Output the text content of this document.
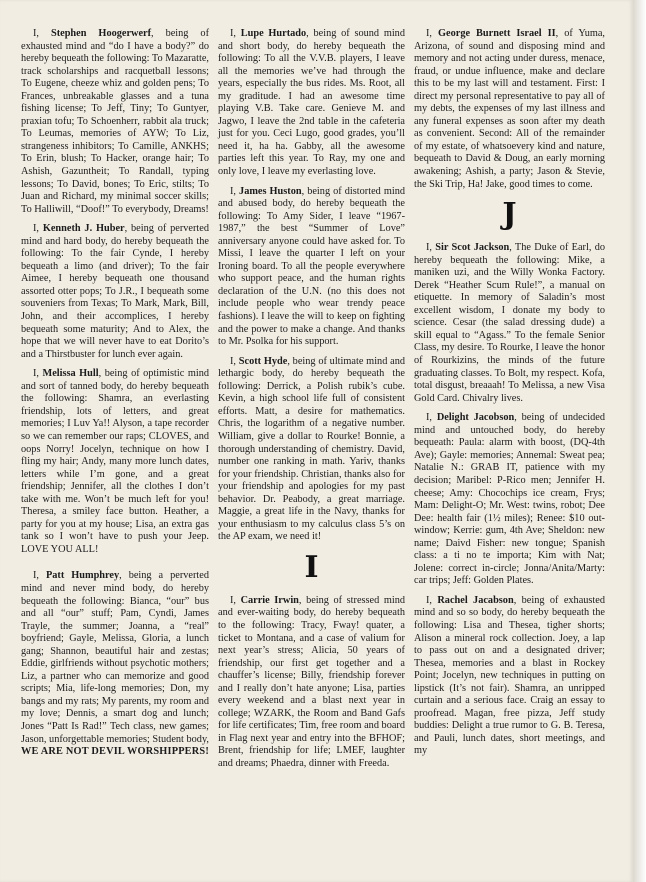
I, Stephen Hoogerwerf, being of exhausted mind and “do I have a body?” do hereby bequeath the following: To Mazaratte, track scholarships and racquetball lessons; To Eugene, cheeze whiz and golden pens; To Frances, unbreakable glasses and a tuna fishing license; To Jeff, Tiny; To Guntyer, praxian tofu; To Schoenherr, rabbit ala truck; To Leumas, memories of AYW; To Liz, strangeness inhibitors; To Camille, ANKHS; To Erin, blush; To Hacker, orange hair; To Ashish, Gazuntheit; To Randall, typing lessons; To David, bones; To Eric, stilts; To Juan and Richard, my minimal soccer skills; To Halliwill, “Doof!” To everybody, Dreams!

I, Kenneth J. Huber, being of perverted mind and hard body, do hereby bequeath the following: To the fair Cynde, I hereby bequeath a limo (and driver); To the fair Aimee, I hereby bequeath one thousand assorted otter pops; To J.R., I bequeath some souveniers from Texas; To Mark, Mark, Bill, John, and their accomplices, I hereby bequeath some maturity; And to Alex, the hope that we will never have to eat Dorito’s and a Thirstbuster for lunch ever again.

I, Melissa Hull, being of optimistic mind and sort of tanned body, do hereby bequeath the following: Shamra, an everlasting friendship, lots of letters, and great memories; I Luv Ya!! Alyson, a tape recorder so we can remember our raps; CLOVES, and oops Norry! Jocelyn, technique on how I fling my hair; Andy, many more lunch dates, letters while I’m gone, and a great friendship; Jennifer, all the clothes I don’t take with me. Won’t be much left for you! Theresa, a smiley face button. Heather, a party for you at my house; Lisa, an extra gas tank so I won’t have to push your Jeep. LOVE YOU ALL!

I, Patt Humphrey, being a perverted mind and never mind body, do hereby bequeath the following: Bianca, “our” bus and all “our” stuff; Pam, Cyndi, James Trayle, the summer; Joanna, a “real” boyfriend; Gayle, Melissa, Gloria, a lunch gang; Shannon, beautiful hair and zestas; Eddie, girlfriends without psychotic mothers; Liz, a partner who can memorize and good scripts; Mia, life-long memories; Don, my bangs and my rats; My parents, my room and my love; Dennis, a smart dog and lunch; Jones “Patt Is Rad!” Tech class, new games; Jason, unforgettable memories; Student body, WE ARE NOT DEVIL WORSHIPPERS!

I, Lupe Hurtado, being of sound mind and short body, do hereby bequeath the following: To all the V.V.B. players, I leave all the memories we’ve had through the years, especially the bus rides. Ms. Root, all my graditude. I had an awesome time playing V.B. Take care. Genieve M. and Jagwo, I leave the 2nd table in the cafeteria just for you. Ceci Lugo, good grades, you’ll need it, ha ha. Gabby, all the awesome parties left this year. To Ray, my one and only love, I leave my everlasting love.

I, James Huston, being of distorted mind and abused body, do hereby bequeath the following: To Amy Sider, I leave “1967-1987,” the best “Summer of Love” anniversary anyone could have asked for. To Missi, I leave the quarter I left on your Ironing board. To all the people everywhere who support peace, and the human rights declaration of the U.N. (no this does not include people who wear trendy peace fashions). I leave the will to keep on fighting and the power to make a change. And thanks to Mr. Psolka for his support.

I, Scott Hyde, being of ultimate mind and lethargic body, do hereby bequeath the following: Derrick, a Polish rubik’s cube. Kevin, a high school life full of consistent efforts. Matt, a desire for mathematics. Chris, the logarithm of a negative number. William, give a dollar to Rourke! Bonnie, a thorough understanding of chemistry. David, number one ranking in math. Yariv, thanks for your friendship. Christian, thanks also for your friendship and apologies for my past behavior. Dr. Peabody, a great marriage. Maggie, a great life in the Navy, thanks for your enthusiasm to my calculus class 5’s on the AP exam, we need it!

I

I, Carrie Irwin, being of stressed mind and ever-waiting body, do hereby bequeath to the following: Tracy, Fway! quater, a ticket to Montana, and a case of valium for next year’s stress; Alicia, 50 years of friendship, our first get together and a chauffer’s license; Billy, friendship forever and I really don’t hate anyone; Lisa, parties every weekend and a blast next year in college; WZARK, the Room and Band Gafs for life certificates; Tim, free room and board in Flag next year and entry into the BFHOF; Brent, friendship for life; LMEF, laughter and dreams; Phaedra, dinner with Freeda.

I, George Burnett Israel II, of Yuma, Arizona, of sound and disposing mind and memory and not acting under duress, menace, fraud, or undue influence, make and declare this to be my last will and testament. First: I direct my personal representative to pay all of my debts, the expenses of my last illness and any funeral expenses as soon after my death as convenient. Second: All of the remainder of my estate, of whatsoevery kind and nature, bequeath to David & Doug, an early morning awakening; Ashish, a party; Jason & Stevie, the Ski Trip, Ha! Jake, good times to come.

J

I, Sir Scot Jackson, The Duke of Earl, do hereby bequeath the following: Mike, a maniken uzi, and the Willy Wonka Factory. Derek “Heather Scum Rule!”, a manual on etiquette. In memory of Saladin’s most excellent wisdom, I donate my body to science. Cesar (the salad dressing dude) a skill equal to “Agass.” To the female Senior Class, my desire. To Rourke, I leave the honor of Rourkizins, the minds of the future graduating classes. To Bolt, my respect. Kofa, total disgust, breaaah! To Melissa, a new Visa Gold Card. Chivalry lives.

I, Delight Jacobson, being of undecided mind and untouched body, do hereby bequeath: Paula: alarm with boost, (DQ-4th Ave); Gayle: memories; Annemal: Sweat pea; Natalie N.: GRAB IT, patience with my decision; Maribel: P-Rico men; Jennifer H. cheese; Amy: Chocochips ice cream, Frys; Mam: Delight-O; Mr. West: twins, robot; Dee Dee: health fair (1½ miles); Renee: $10 out-window; Kerrie: gum, 4th Ave; Sheldon: new name; Daivd Fisher: new tongue; Spanish class: a ti no te importa; Kim with Nat; Jolene: correct in-circle; Jonna/Anita/Marty: car trips; Jeff: Golden Plates.

I, Rachel Jacabson, being of exhausted mind and so so body, do hereby bequeath the following: Lisa and Thesea, tigher shorts; Alison a mineral rock collection. Joey, a lap to pass out on and a designated driver; Thesea, memories and a blast in Rockey Point; Jocelyn, new techniques in putting on lipstick (It’s not fair). Shamra, an unripped curtain and a serious face. Craig an essay to proofread. Magan, free pizza, Jeff study buddies: Delight a true rumor to G. B. Teresa, and Pauli, lunch dates, short meetings, and my
